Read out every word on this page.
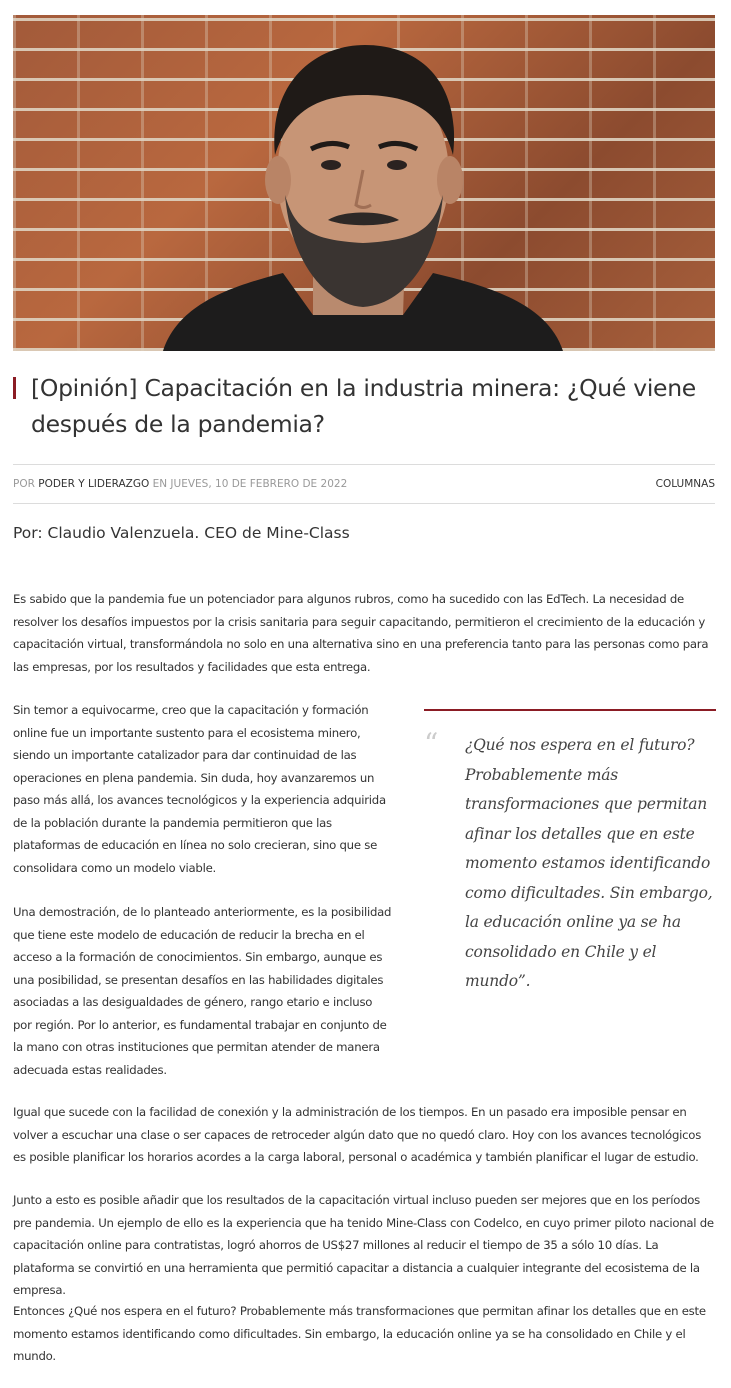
[Opinión] Capacitación en la industria minera: ¿Qué viene después de la pandemia?
POR PODER Y LIDERAZGO EN JUEVES, 10 DE FEBRERO DE 2022	COLUMNAS

Por: Claudio Valenzuela. CEO de Mine-Class

Es sabido que la pandemia fue un potenciador para algunos rubros, como ha sucedido con las EdTech. La necesidad de resolver los desafíos impuestos por la crisis sanitaria para seguir capacitando, permitieron el crecimiento de la educación y capacitación virtual, transformándola no solo en una alternativa sino en una preferencia tanto para las personas como para las empresas, por los resultados y facilidades que esta entrega.

Sin temor a equivocarme, creo que la capacitación y formación online fue un importante sustento para el ecosistema minero, siendo un importante catalizador para dar continuidad de las operaciones en plena pandemia. Sin duda, hoy avanzaremos un paso más allá, los avances tecnológicos y la experiencia adquirida de la población durante la pandemia permitieron que las plataformas de educación en línea no solo crecieran, sino que se consolidara como un modelo viable.

Una demostración, de lo planteado anteriormente, es la posibilidad que tiene este modelo de educación de reducir la brecha en el acceso a la formación de conocimientos. Sin embargo, aunque es una posibilidad, se presentan desafíos en las habilidades digitales asociadas a las desigualdades de género, rango etario e incluso por región. Por lo anterior, es fundamental trabajar en conjunto de la mano con otras instituciones que permitan atender de manera adecuada estas realidades.

Igual que sucede con la facilidad de conexión y la administración de los tiempos. En un pasado era imposible pensar en volver a escuchar una clase o ser capaces de retroceder algún dato que no quedó claro. Hoy con los avances tecnológicos es posible planificar los horarios acordes a la carga laboral, personal o académica y también planificar el lugar de estudio.

Junto a esto es posible añadir que los resultados de la capacitación virtual incluso pueden ser mejores que en los períodos pre pandemia. Un ejemplo de ello es la experiencia que ha tenido Mine-Class con Codelco, en cuyo primer piloto nacional de capacitación online para contratistas, logró ahorros de US$27 millones al reducir el tiempo de 35 a sólo 10 días. La plataforma se convirtió en una herramienta que permitió capacitar a distancia a cualquier integrante del ecosistema de la empresa.

Entonces ¿Qué nos espera en el futuro? Probablemente más transformaciones que permitan afinar los detalles que en este momento estamos identificando como dificultades. Sin embargo, la educación online ya se ha consolidado en Chile y el mundo.

“	¿Qué nos espera en el futuro? Probablemente más transformaciones que permitan afinar los detalles que en este momento estamos identificando como dificultades. Sin embargo, la educación online ya se ha consolidado en Chile y el mundo”.
